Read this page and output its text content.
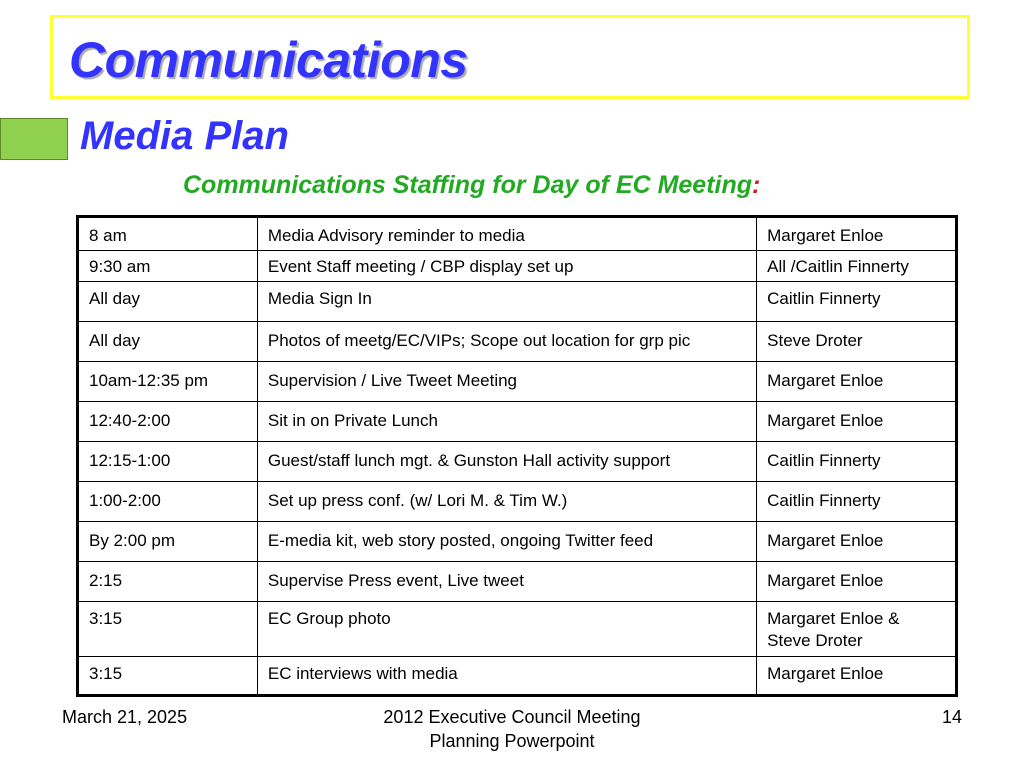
Communications
Media Plan
Communications Staffing for Day of EC Meeting:
8 am	Media Advisory reminder to media	Margaret Enloe
9:30 am	Event Staff meeting / CBP display set up	All /Caitlin Finnerty
All day	Media Sign In	Caitlin Finnerty
All day	Photos of meetg/EC/VIPs; Scope out location for grp pic	Steve Droter
10am-12:35 pm	Supervision / Live Tweet Meeting	Margaret Enloe
12:40-2:00	Sit in on Private Lunch	Margaret Enloe
12:15-1:00	Guest/staff lunch mgt. & Gunston Hall activity support	Caitlin Finnerty
1:00-2:00	Set up press conf. (w/ Lori M. & Tim W.)	Caitlin Finnerty
By 2:00 pm	E-media kit, web story posted, ongoing Twitter feed	Margaret Enloe
2:15	Supervise Press event, Live tweet	Margaret Enloe
3:15	EC Group photo	Margaret Enloe & Steve Droter
3:15	EC interviews with media	Margaret Enloe
March 21, 2025	2012 Executive Council Meeting
Planning Powerpoint
14
